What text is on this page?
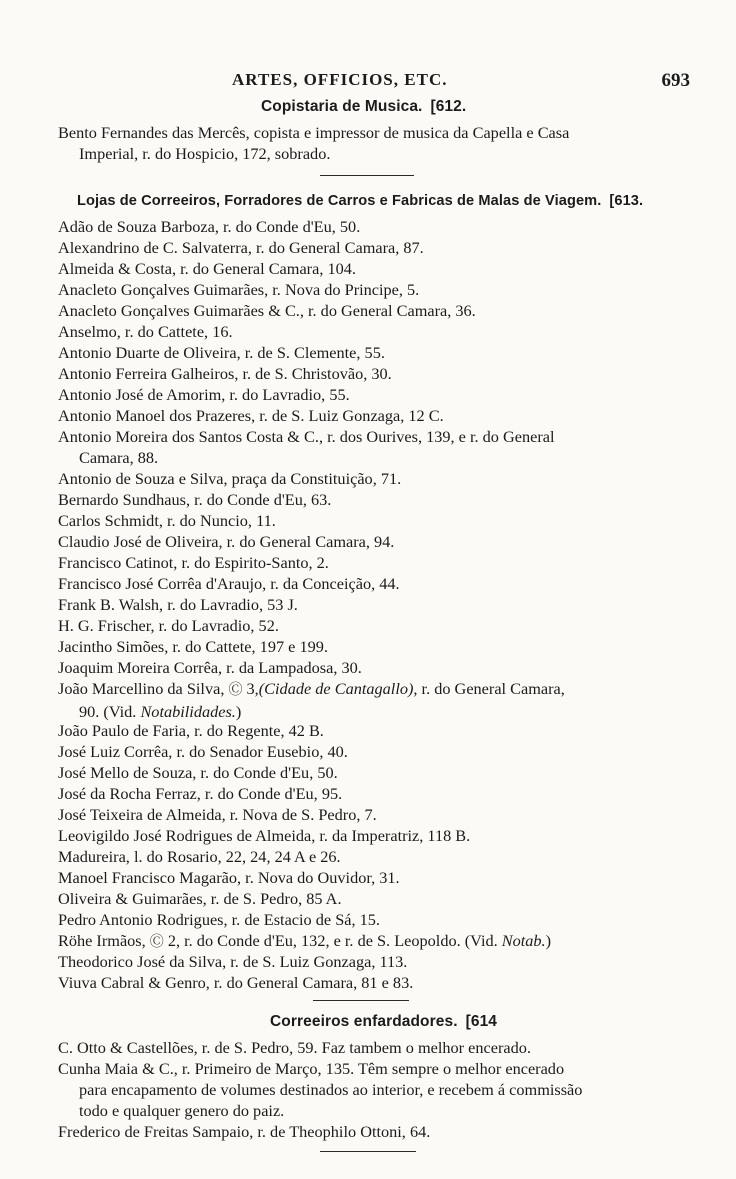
ARTES, OFFICIOS, ETC.	693
Copistaria de Musica. [612.
Bento Fernandes das Mercês, copista e impressor de musica da Capella e Casa
Imperial, r. do Hospicio, 172, sobrado.
Lojas de Correeiros, Forradores de Carros e Fabricas de Malas de Viagem. [613.
Adão de Souza Barboza, r. do Conde d'Eu, 50.
Alexandrino de C. Salvaterra, r. do General Camara, 87.
Almeida & Costa, r. do General Camara, 104.
Anacleto Gonçalves Guimarães, r. Nova do Principe, 5.
Anacleto Gonçalves Guimarães & C., r. do General Camara, 36.
Anselmo, r. do Cattete, 16.
Antonio Duarte de Oliveira, r. de S. Clemente, 55.
Antonio Ferreira Galheiros, r. de S. Christovão, 30.
Antonio José de Amorim, r. do Lavradio, 55.
Antonio Manoel dos Prazeres, r. de S. Luiz Gonzaga, 12 C.
Antonio Moreira dos Santos Costa & C., r. dos Ourives, 139, e r. do General
Camara, 88.
Antonio de Souza e Silva, praça da Constituição, 71.
Bernardo Sundhaus, r. do Conde d'Eu, 63.
Carlos Schmidt, r. do Nuncio, 11.
Claudio José de Oliveira, r. do General Camara, 94.
Francisco Catinot, r. do Espirito-Santo, 2.
Francisco José Corrêa d'Araujo, r. da Conceição, 44.
Frank B. Walsh, r. do Lavradio, 53 J.
H. G. Frischer, r. do Lavradio, 52.
Jacintho Simões, r. do Cattete, 197 e 199.
Joaquim Moreira Corrêa, r. da Lampadosa, 30.
João Marcellino da Silva, Ⓒ 3,(Cidade de Cantagallo), r. do General Camara,
90. (Vid. Notabilidades.)
João Paulo de Faria, r. do Regente, 42 B.
José Luiz Corrêa, r. do Senador Eusebio, 40.
José Mello de Souza, r. do Conde d'Eu, 50.
José da Rocha Ferraz, r. do Conde d'Eu, 95.
José Teixeira de Almeida, r. Nova de S. Pedro, 7.
Leovigildo José Rodrigues de Almeida, r. da Imperatriz, 118 B.
Madureira, l. do Rosario, 22, 24, 24 A e 26.
Manoel Francisco Magarão, r. Nova do Ouvidor, 31.
Oliveira & Guimarães, r. de S. Pedro, 85 A.
Pedro Antonio Rodrigues, r. de Estacio de Sá, 15.
Röhe Irmãos, Ⓒ 2, r. do Conde d'Eu, 132, e r. de S. Leopoldo. (Vid. Notab.)
Theodorico José da Silva, r. de S. Luiz Gonzaga, 113.
Viuva Cabral & Genro, r. do General Camara, 81 e 83.
Correeiros enfardadores. [614
C. Otto & Castellões, r. de S. Pedro, 59. Faz tambem o melhor encerado.
Cunha Maia & C., r. Primeiro de Março, 135. Têm sempre o melhor encerado
para encapamento de volumes destinados ao interior, e recebem á commissão
todo e qualquer genero do paiz.
Frederico de Freitas Sampaio, r. de Theophilo Ottoni, 64.
